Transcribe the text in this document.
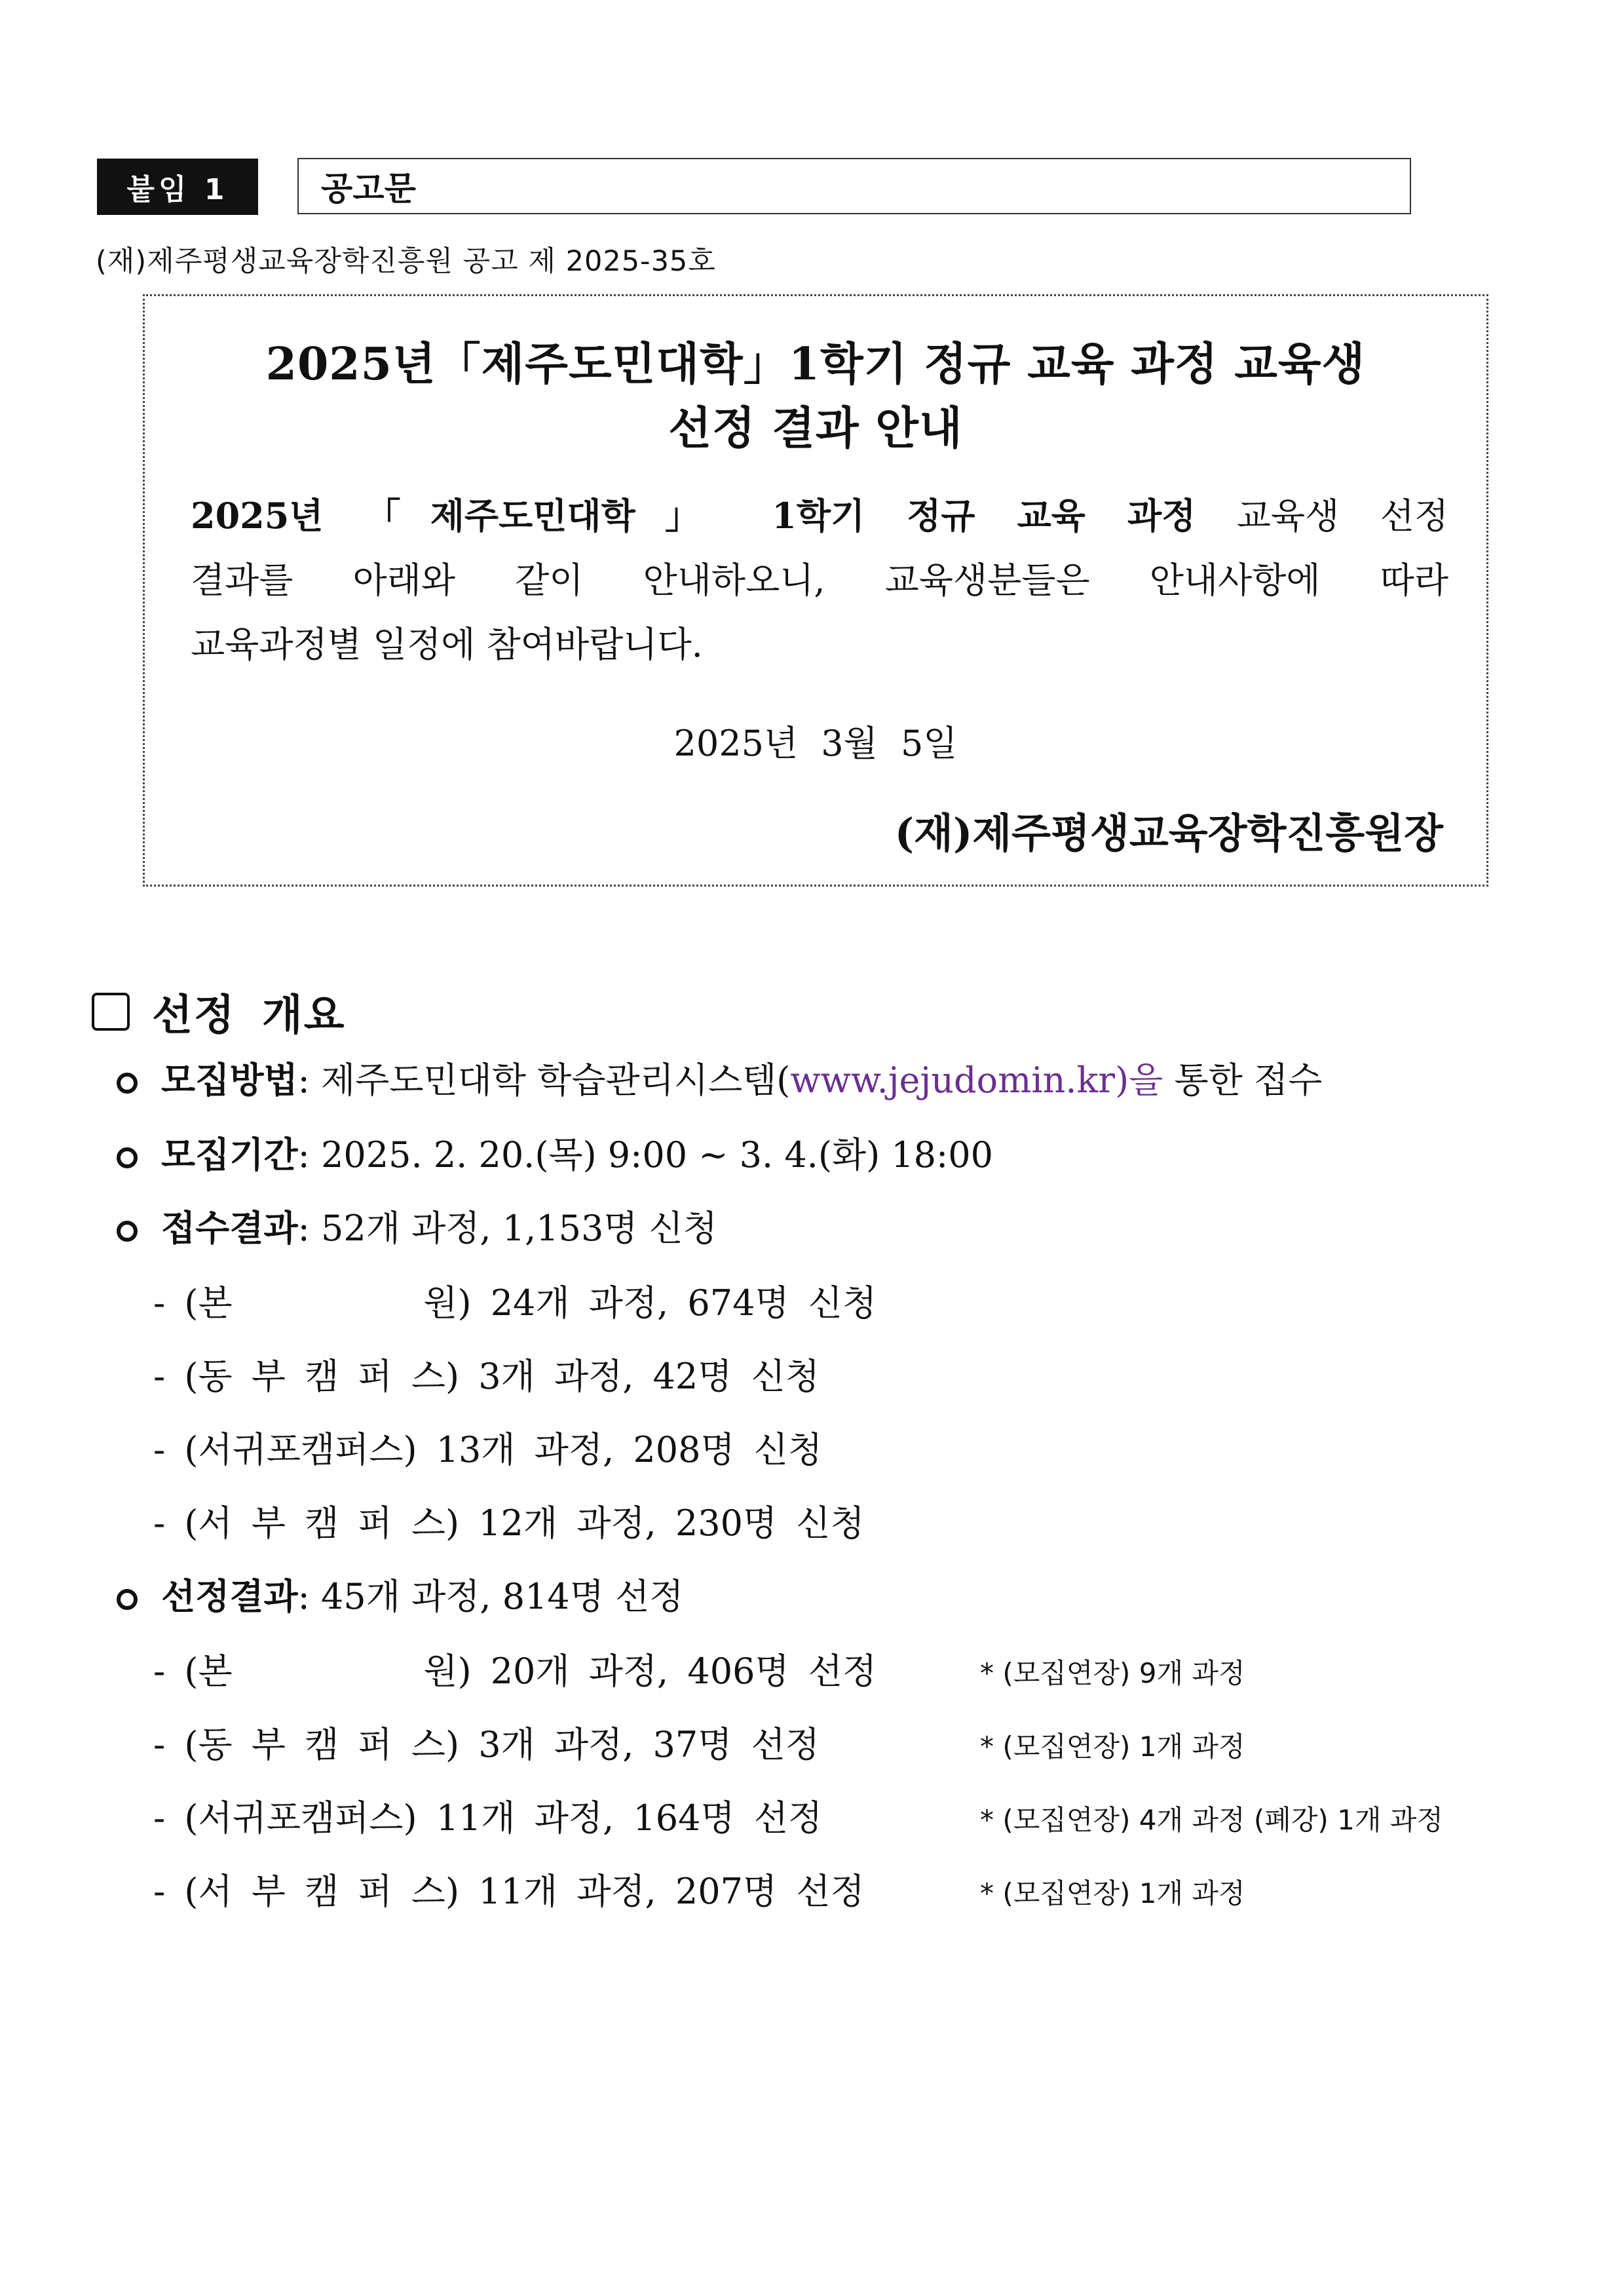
붙임 1	공고문
(재)제주평생교육장학진흥원 공고 제 2025-35호
2025년「제주도민대학」1학기 정규 교육 과정 교육생
선정 결과 안내
2025년 「제주도민대학」 1학기 정규 교육 과정 교육생 선정
결과를 아래와 같이 안내하오니, 교육생분들은 안내사항에 따라
교육과정별 일정에 참여바랍니다.
2025년 3월 5일
(재)제주평생교육장학진흥원장
선정 개요
모집방법 : 제주도민대학 학습관리시스템( www.jejudomin.kr )을 통한 접수
모집기간 : 2025. 2. 20.(목) 9:00 ~ 3. 4.(화) 18:00
접수결과 : 52개 과정, 1,153명 신청
- (본          원) 24개 과정, 674명 신청
- (동 부 캠 퍼 스) 3개 과정, 42명 신청
- (서귀포캠퍼스) 13개 과정, 208명 신청
- (서 부 캠 퍼 스) 12개 과정, 230명 신청
선정결과 : 45개 과정, 814명 선정
- (본          원) 20개 과정, 406명 선정	* (모집연장) 9개 과정
- (동 부 캠 퍼 스) 3개 과정, 37명 선정	* (모집연장) 1개 과정
- (서귀포캠퍼스) 11개 과정, 164명 선정	* (모집연장) 4개 과정 (폐강) 1개 과정
- (서 부 캠 퍼 스) 11개 과정, 207명 선정	* (모집연장) 1개 과정
